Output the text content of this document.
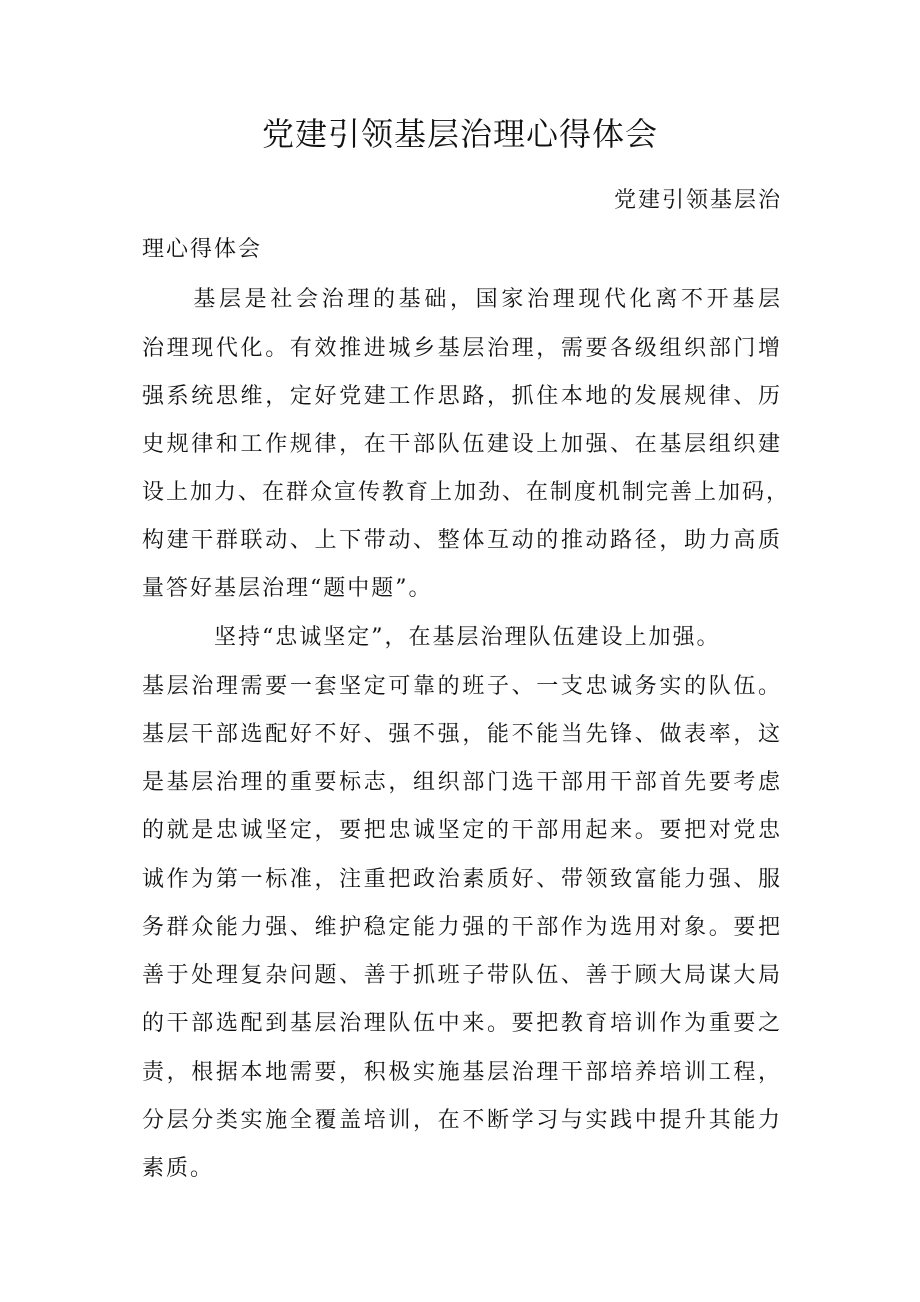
党建引领基层治理心得体会
党建引领基层治
理心得体会
　　基层是社会治理的基础，国家治理现代化离不开基层
治理现代化。有效推进城乡基层治理，需要各级组织部门增
强系统思维，定好党建工作思路，抓住本地的发展规律、历
史规律和工作规律，在干部队伍建设上加强、在基层组织建
设上加力、在群众宣传教育上加劲、在制度机制完善上加码，
构建干群联动、上下带动、整体互动的推动路径，助力高质
量答好基层治理“题中题”。
　　　坚持“忠诚坚定”，在基层治理队伍建设上加强。
基层治理需要一套坚定可靠的班子、一支忠诚务实的队伍。
基层干部选配好不好、强不强，能不能当先锋、做表率，这
是基层治理的重要标志，组织部门选干部用干部首先要考虑
的就是忠诚坚定，要把忠诚坚定的干部用起来。要把对党忠
诚作为第一标准，注重把政治素质好、带领致富能力强、服
务群众能力强、维护稳定能力强的干部作为选用对象。要把
善于处理复杂问题、善于抓班子带队伍、善于顾大局谋大局
的干部选配到基层治理队伍中来。要把教育培训作为重要之
责，根据本地需要，积极实施基层治理干部培养培训工程，
分层分类实施全覆盖培训，在不断学习与实践中提升其能力
素质。
